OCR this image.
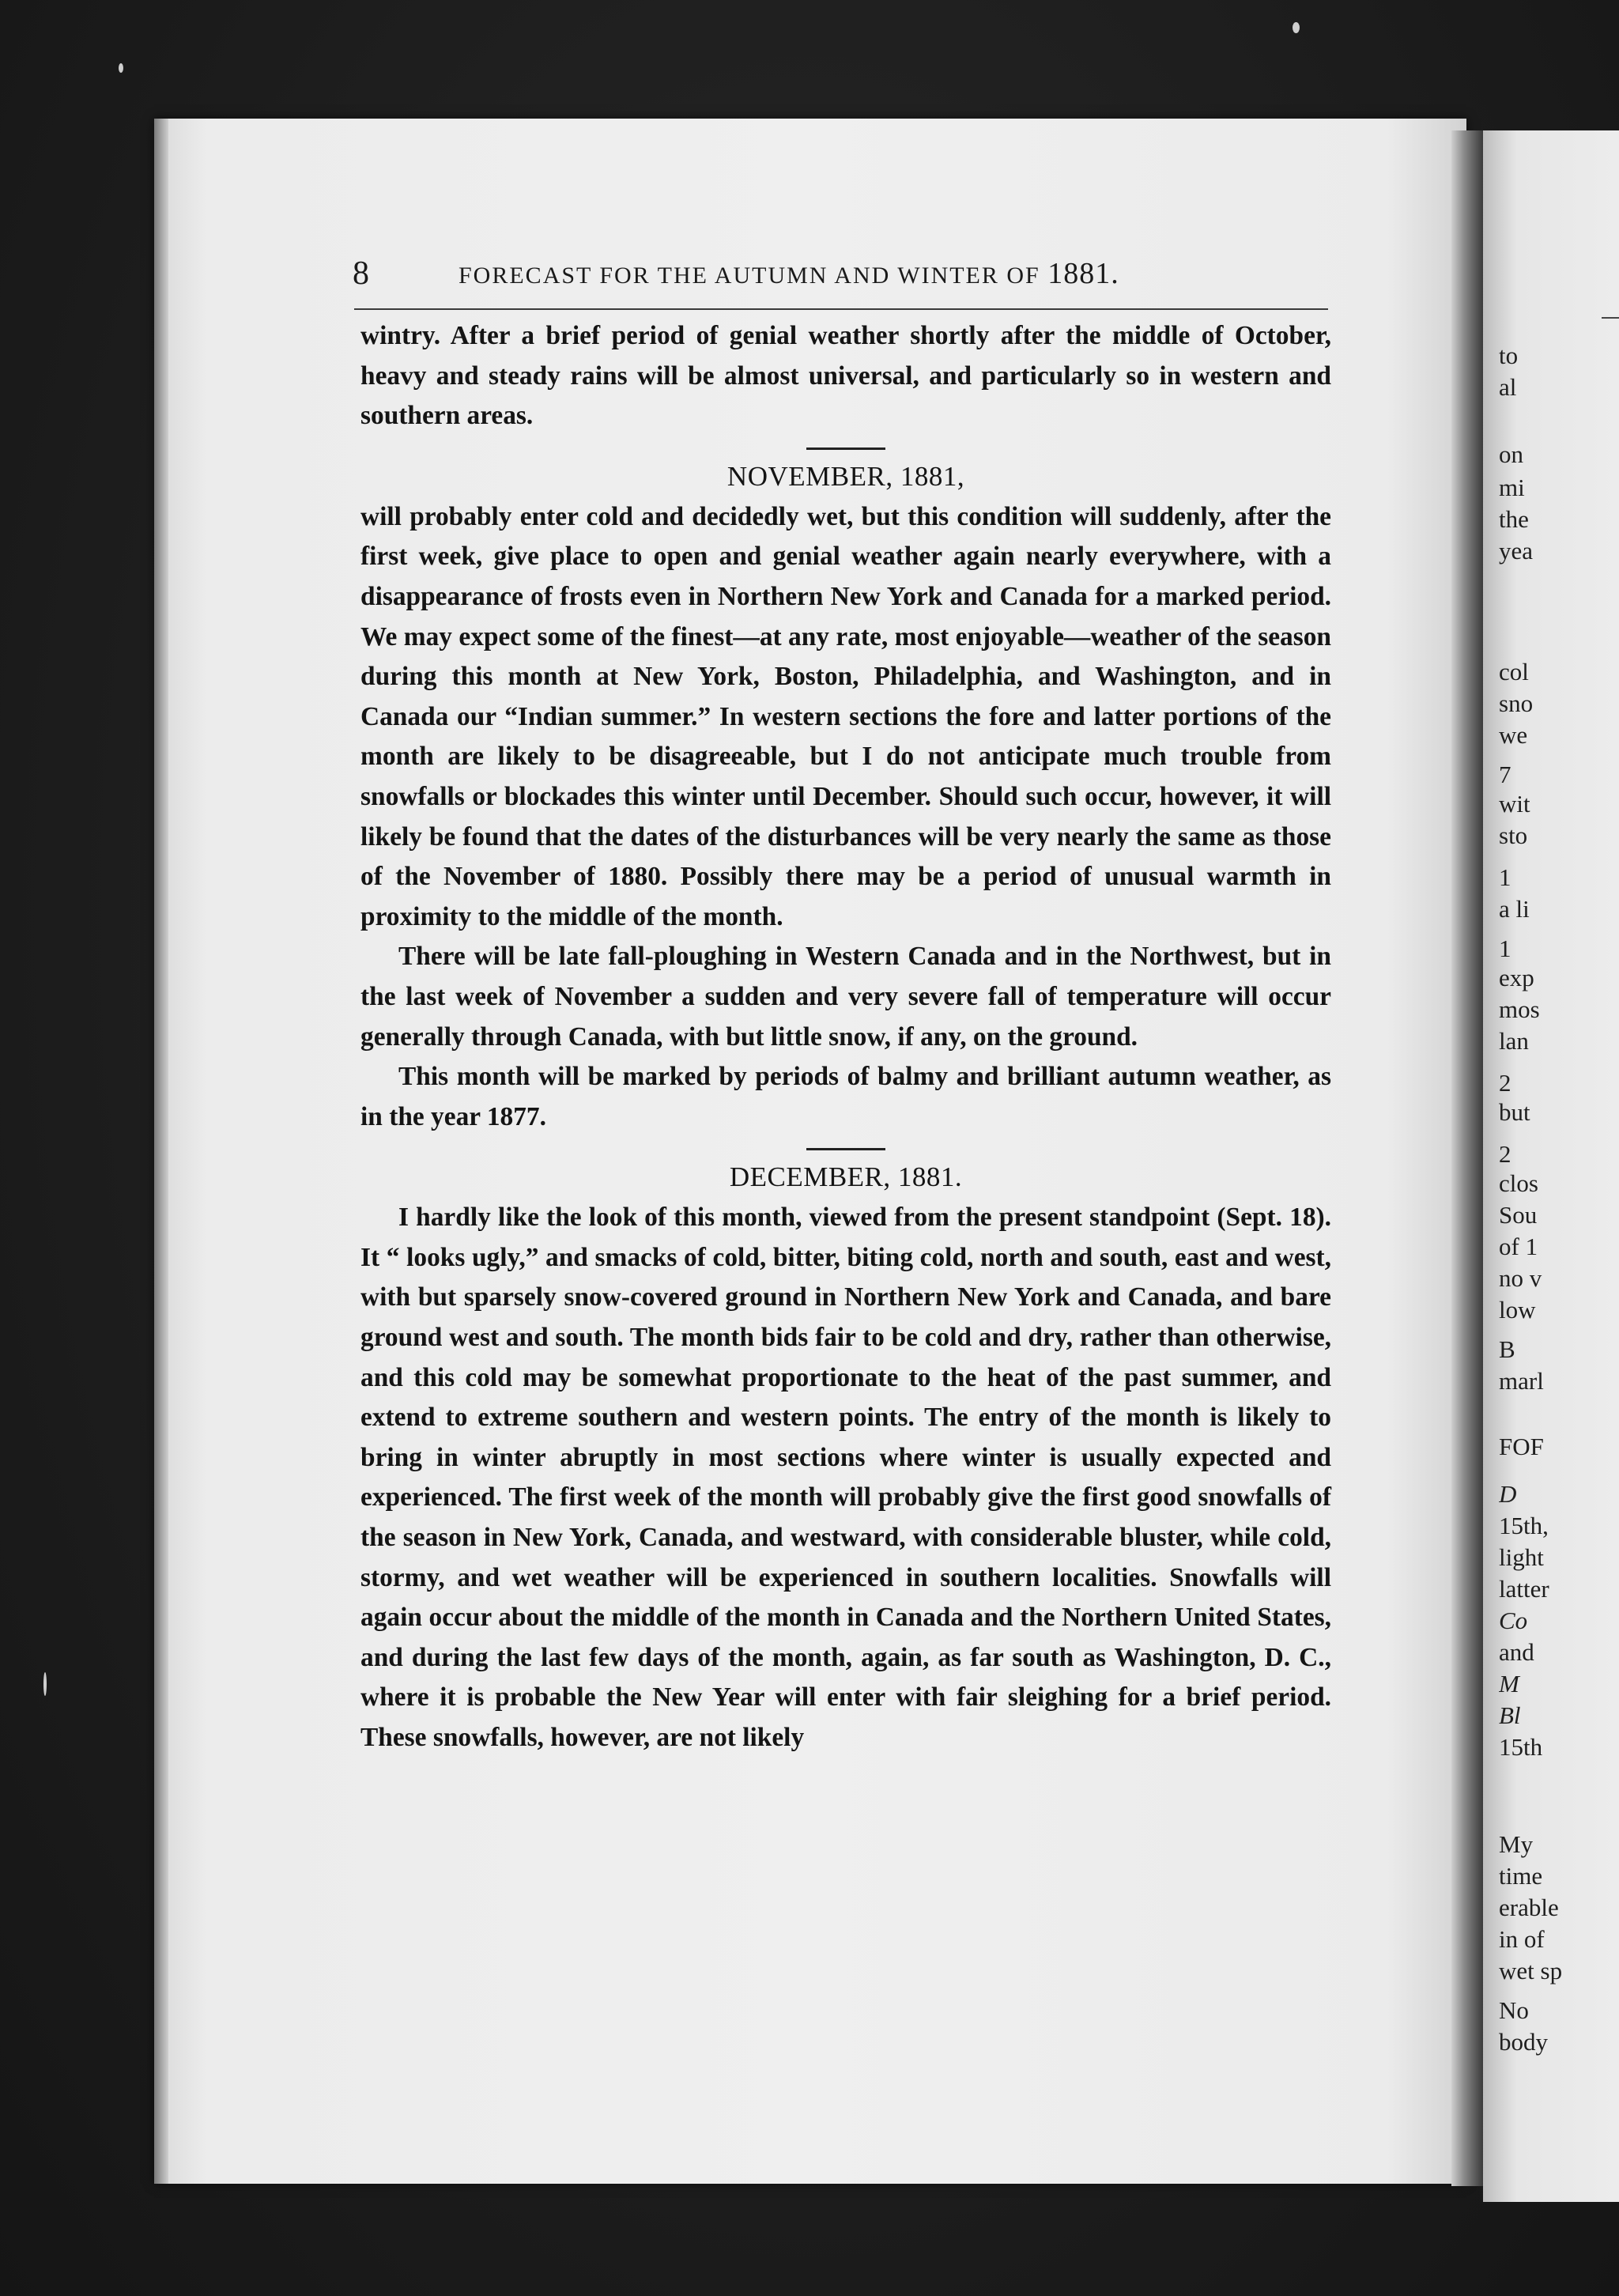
to
al
on
mi
the
yea
col
sno
we
7
wit
sto
1
a li
1
exp
mos
lan
2
but
2
clos
Sou
of 1
no v
low
B
marl
FOF
D
15th,
light
latter
Co
and
M
Bl
15th
My
time
erable
in of
wet sp
No
body
8	FORECAST FOR THE AUTUMN AND WINTER OF 1881.

wintry. After a brief period of genial weather shortly after the middle of October, heavy and steady rains will be almost universal, and particularly so in western and southern areas.

NOVEMBER, 1881,

will probably enter cold and decidedly wet, but this condition will suddenly, after the first week, give place to open and genial weather again nearly everywhere, with a disappearance of frosts even in Northern New York and Canada for a marked period. We may expect some of the finest—at any rate, most enjoyable—weather of the season during this month at New York, Boston, Philadelphia, and Washington, and in Canada our “Indian summer.” In western sections the fore and latter portions of the month are likely to be disagreeable, but I do not anticipate much trouble from snowfalls or blockades this winter until December. Should such occur, however, it will likely be found that the dates of the disturbances will be very nearly the same as those of the November of 1880. Possibly there may be a period of unusual warmth in proximity to the middle of the month.

There will be late fall-ploughing in Western Canada and in the Northwest, but in the last week of November a sudden and very severe fall of temperature will occur generally through Canada, with but little snow, if any, on the ground.

This month will be marked by periods of balmy and brilliant autumn weather, as in the year 1877.

DECEMBER, 1881.

I hardly like the look of this month, viewed from the present standpoint (Sept. 18). It “ looks ugly,” and smacks of cold, bitter, biting cold, north and south, east and west, with but sparsely snow-covered ground in Northern New York and Canada, and bare ground west and south. The month bids fair to be cold and dry, rather than otherwise, and this cold may be somewhat proportionate to the heat of the past summer, and extend to extreme southern and western points. The entry of the month is likely to bring in winter abruptly in most sections where winter is usually expected and experienced. The first week of the month will probably give the first good snowfalls of the season in New York, Canada, and westward, with considerable bluster, while cold, stormy, and wet weather will be experienced in southern localities. Snowfalls will again occur about the middle of the month in Canada and the Northern United States, and during the last few days of the month, again, as far south as Washington, D. C., where it is probable the New Year will enter with fair sleighing for a brief period. These snowfalls, however, are not likely
